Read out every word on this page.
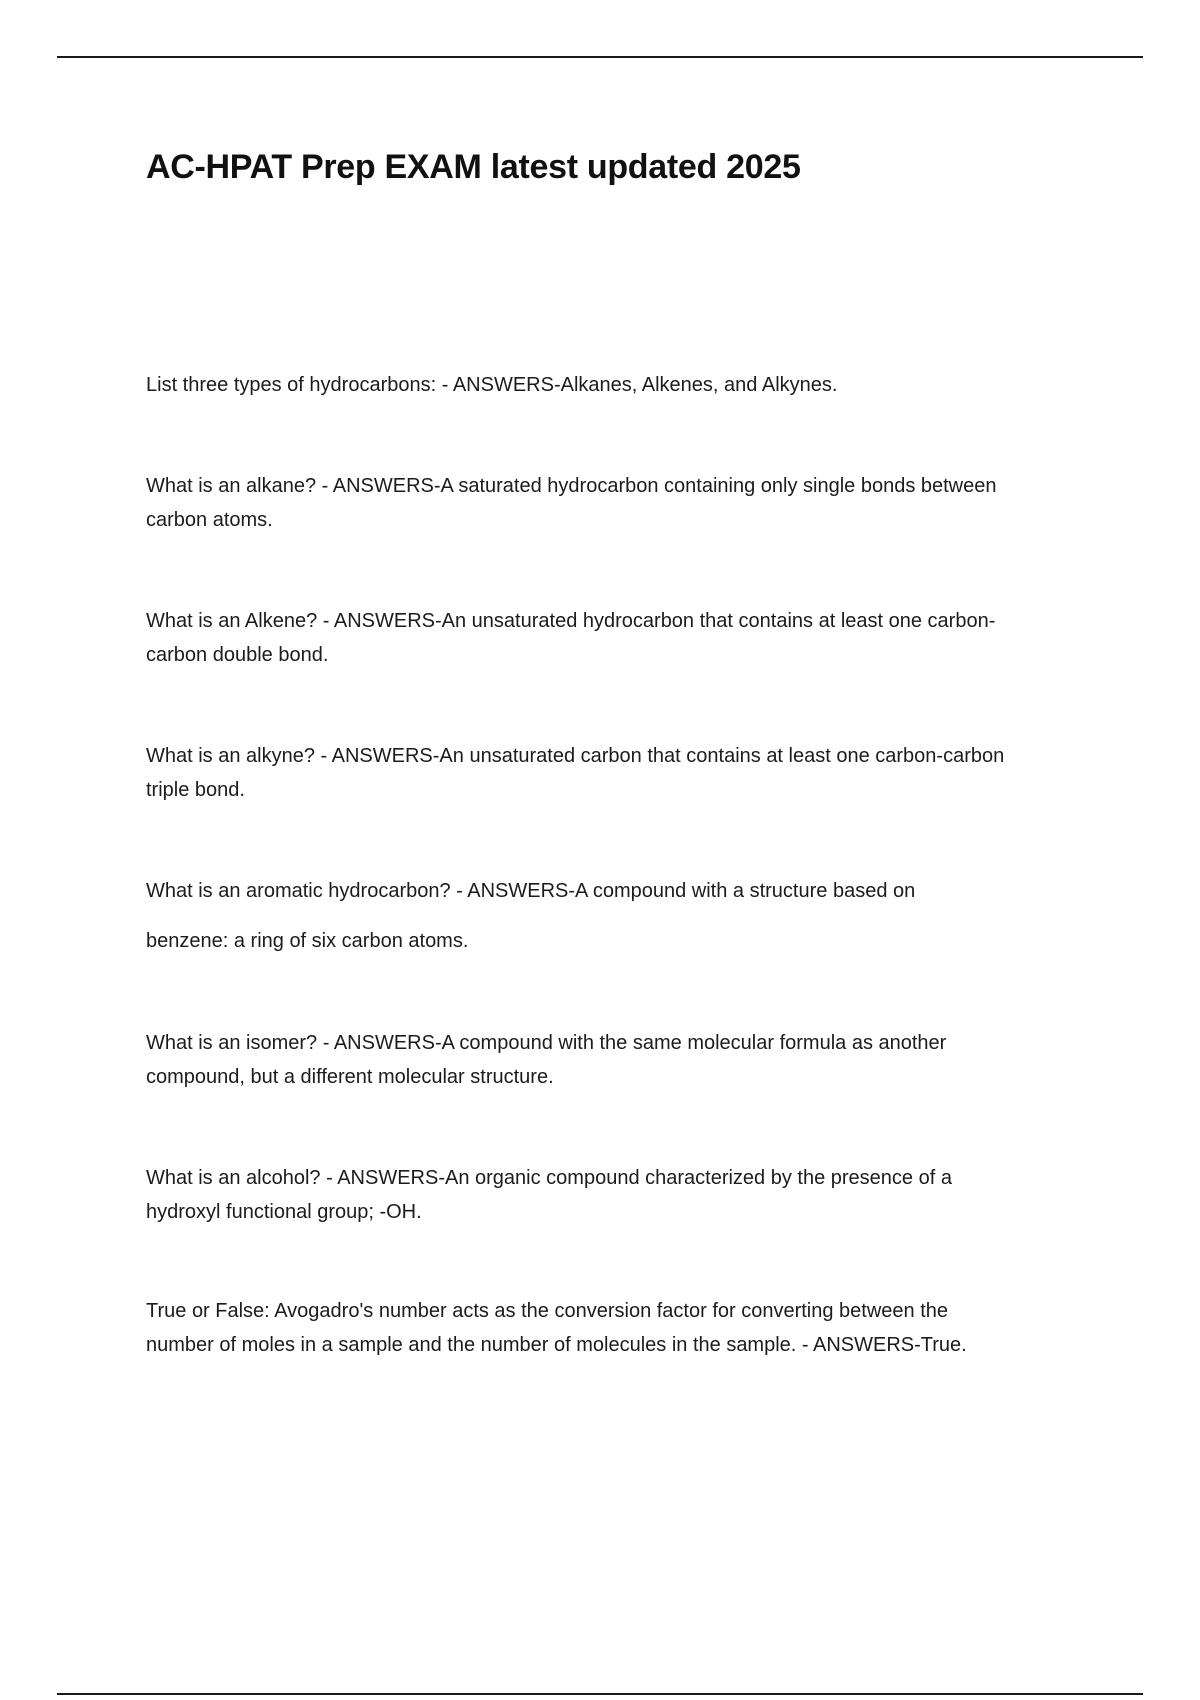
AC-HPAT Prep EXAM latest updated 2025

List three types of hydrocarbons: - ANSWERS-Alkanes, Alkenes, and Alkynes.

What is an alkane? - ANSWERS-A saturated hydrocarbon containing only single bonds between
carbon atoms.

What is an Alkene? - ANSWERS-An unsaturated hydrocarbon that contains at least one carbon-
carbon double bond.

What is an alkyne? - ANSWERS-An unsaturated carbon that contains at least one carbon-carbon
triple bond.

What is an aromatic hydrocarbon? - ANSWERS-A compound with a structure based on
benzene: a ring of six carbon atoms.

What is an isomer? - ANSWERS-A compound with the same molecular formula as another
compound, but a different molecular structure.

What is an alcohol? - ANSWERS-An organic compound characterized by the presence of a
hydroxyl functional group; -OH.

True or False: Avogadro's number acts as the conversion factor for converting between the
number of moles in a sample and the number of molecules in the sample. - ANSWERS-True.
